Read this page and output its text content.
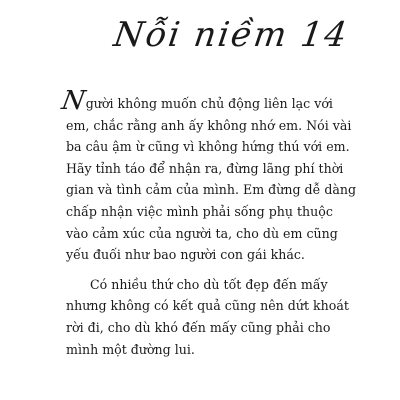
Nỗi niềm 14

N
gười không muốn chủ động liên lạc với em, chắc rằng anh ấy không nhớ em. Nói vài ba câu ậm ừ cũng vì không hứng thú với em. Hãy tỉnh táo để nhận ra, đừng lãng phí thời gian và tình cảm của mình. Em đừng dễ dàng chấp nhận việc mình phải sống phụ thuộc vào cảm xúc của người ta, cho dù em cũng yếu đuối như bao người con gái khác.

Có nhiều thứ cho dù tốt đẹp đến mấy nhưng không có kết quả cũng nên dứt khoát rời đi, cho dù khó đến mấy cũng phải cho mình một đường lui.
